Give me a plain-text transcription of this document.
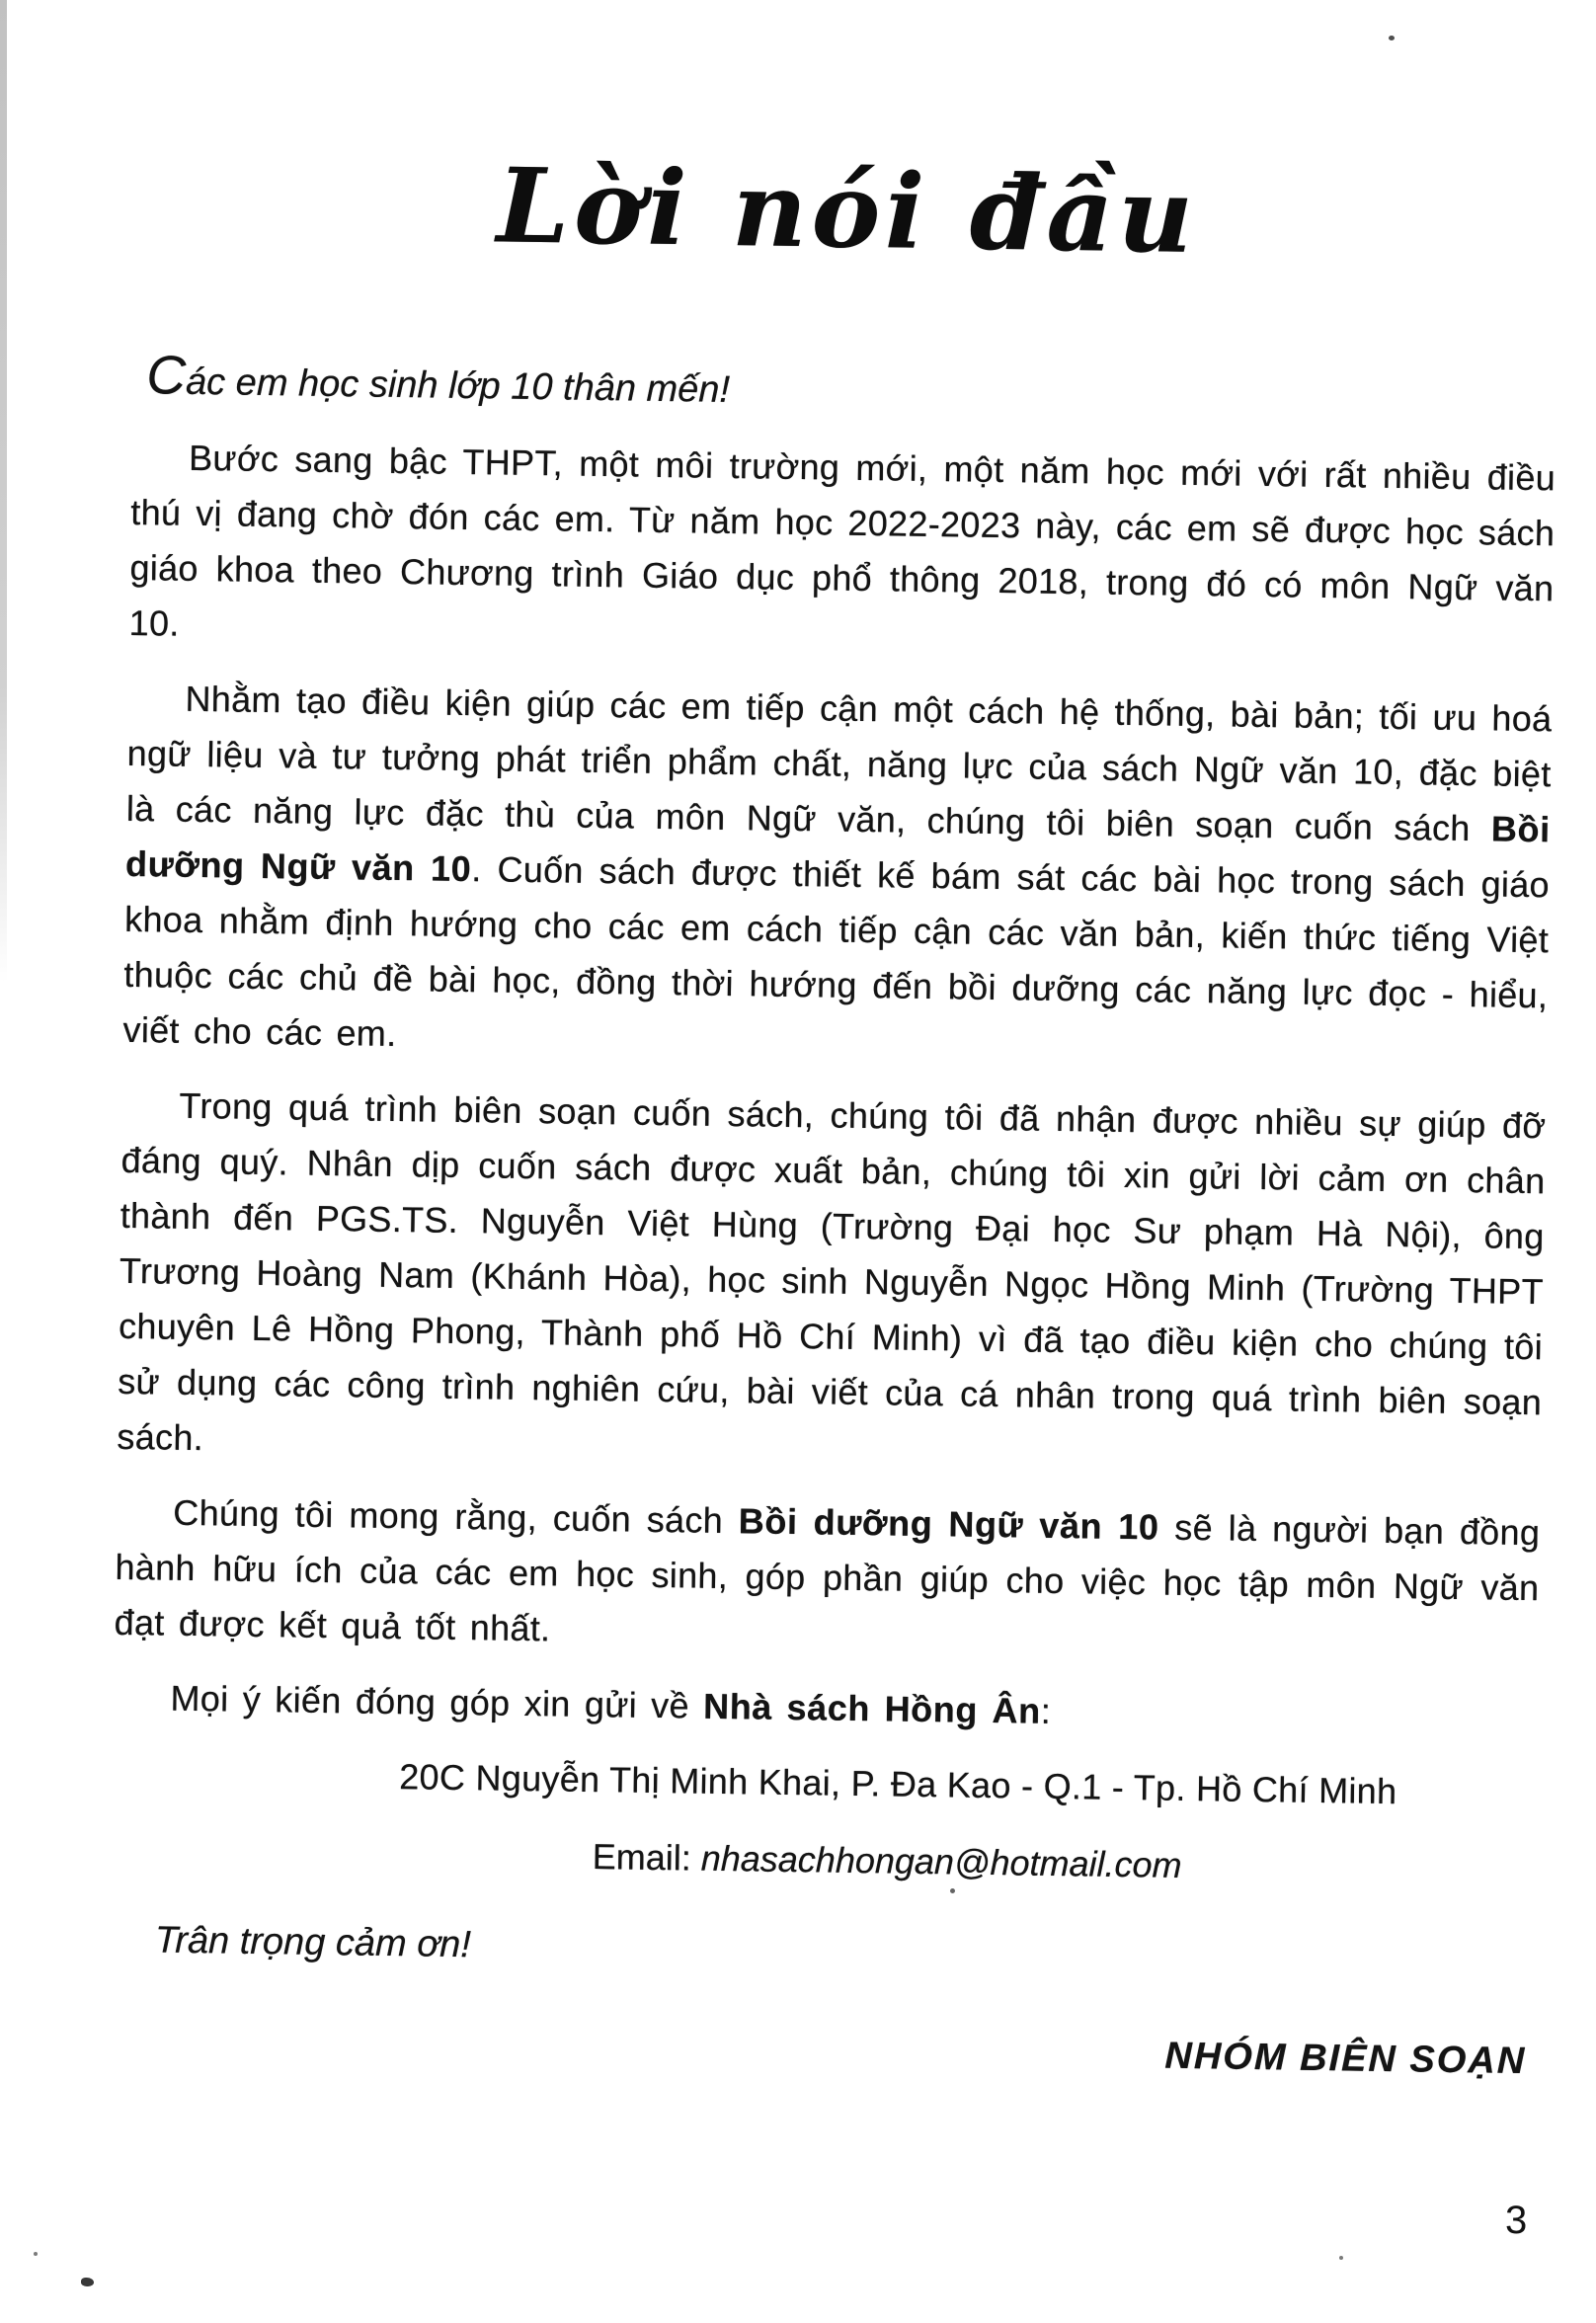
Lời nói đầu

Các em học sinh lớp 10 thân mến!

Bước sang bậc THPT, một môi trường mới, một năm học mới với rất nhiều điều thú vị đang chờ đón các em. Từ năm học 2022-2023 này, các em sẽ được học sách giáo khoa theo Chương trình Giáo dục phổ thông 2018, trong đó có môn Ngữ văn 10.

Nhằm tạo điều kiện giúp các em tiếp cận một cách hệ thống, bài bản; tối ưu hoá ngữ liệu và tư tưởng phát triển phẩm chất, năng lực của sách Ngữ văn 10, đặc biệt là các năng lực đặc thù của môn Ngữ văn, chúng tôi biên soạn cuốn sách Bồi dưỡng Ngữ văn 10. Cuốn sách được thiết kế bám sát các bài học trong sách giáo khoa nhằm định hướng cho các em cách tiếp cận các văn bản, kiến thức tiếng Việt thuộc các chủ đề bài học, đồng thời hướng đến bồi dưỡng các năng lực đọc - hiểu, viết cho các em.

Trong quá trình biên soạn cuốn sách, chúng tôi đã nhận được nhiều sự giúp đỡ đáng quý. Nhân dịp cuốn sách được xuất bản, chúng tôi xin gửi lời cảm ơn chân thành đến PGS.TS. Nguyễn Việt Hùng (Trường Đại học Sư phạm Hà Nội), ông Trương Hoàng Nam (Khánh Hòa), học sinh Nguyễn Ngọc Hồng Minh (Trường THPT chuyên Lê Hồng Phong, Thành phố Hồ Chí Minh) vì đã tạo điều kiện cho chúng tôi sử dụng các công trình nghiên cứu, bài viết của cá nhân trong quá trình biên soạn sách.

Chúng tôi mong rằng, cuốn sách Bồi dưỡng Ngữ văn 10 sẽ là người bạn đồng hành hữu ích của các em học sinh, góp phần giúp cho việc học tập môn Ngữ văn đạt được kết quả tốt nhất.

Mọi ý kiến đóng góp xin gửi về Nhà sách Hồng Ân:

20C Nguyễn Thị Minh Khai, P. Đa Kao - Q.1 - Tp. Hồ Chí Minh

Email: nhasachhongan@hotmail.com

Trân trọng cảm ơn!

NHÓM BIÊN SOẠN

3
